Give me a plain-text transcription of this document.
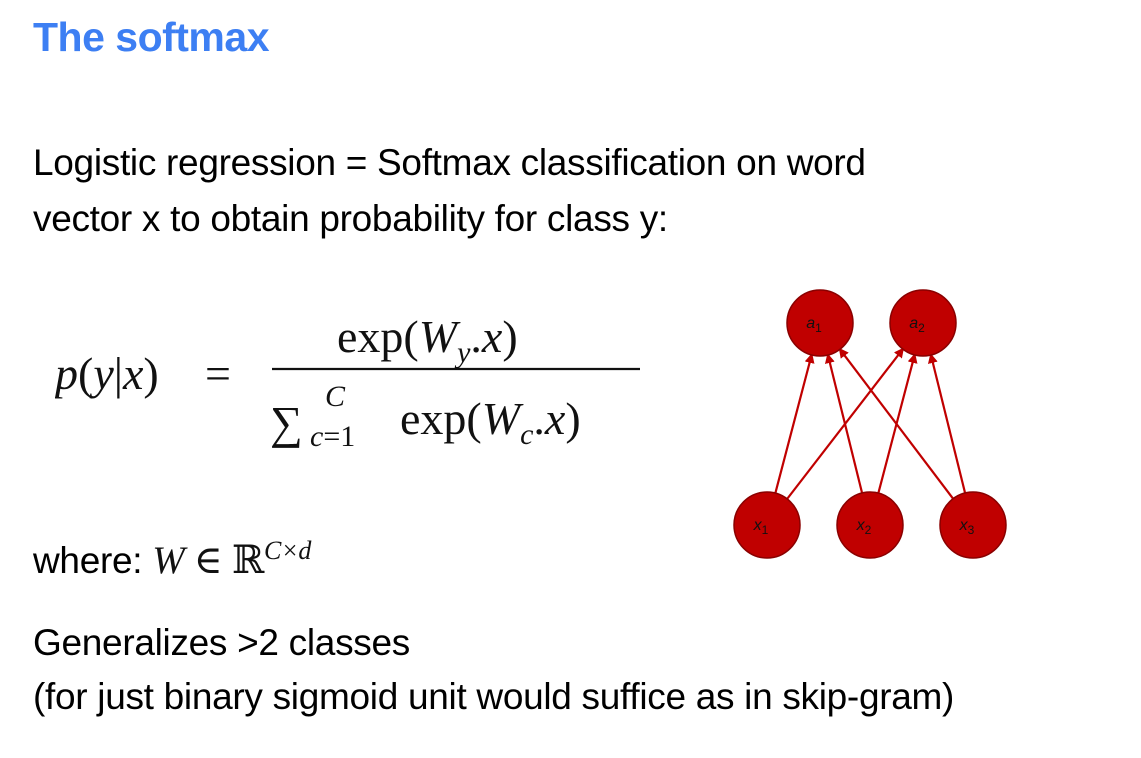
The softmax
Logistic regression = Softmax classification on word
vector x to obtain probability for class y:
p(y|x) =
$\exp(W_y.x)$
∑
C
c=1 $\exp(W_c.x)$
where: W ∈ ℝ$^{C\times d}$
Generalizes >2 classes
(for just binary sigmoid unit would suffice as in skip-gram)
$a_1$	$a_2$
$x_1$	$x_2$	$x_3$
